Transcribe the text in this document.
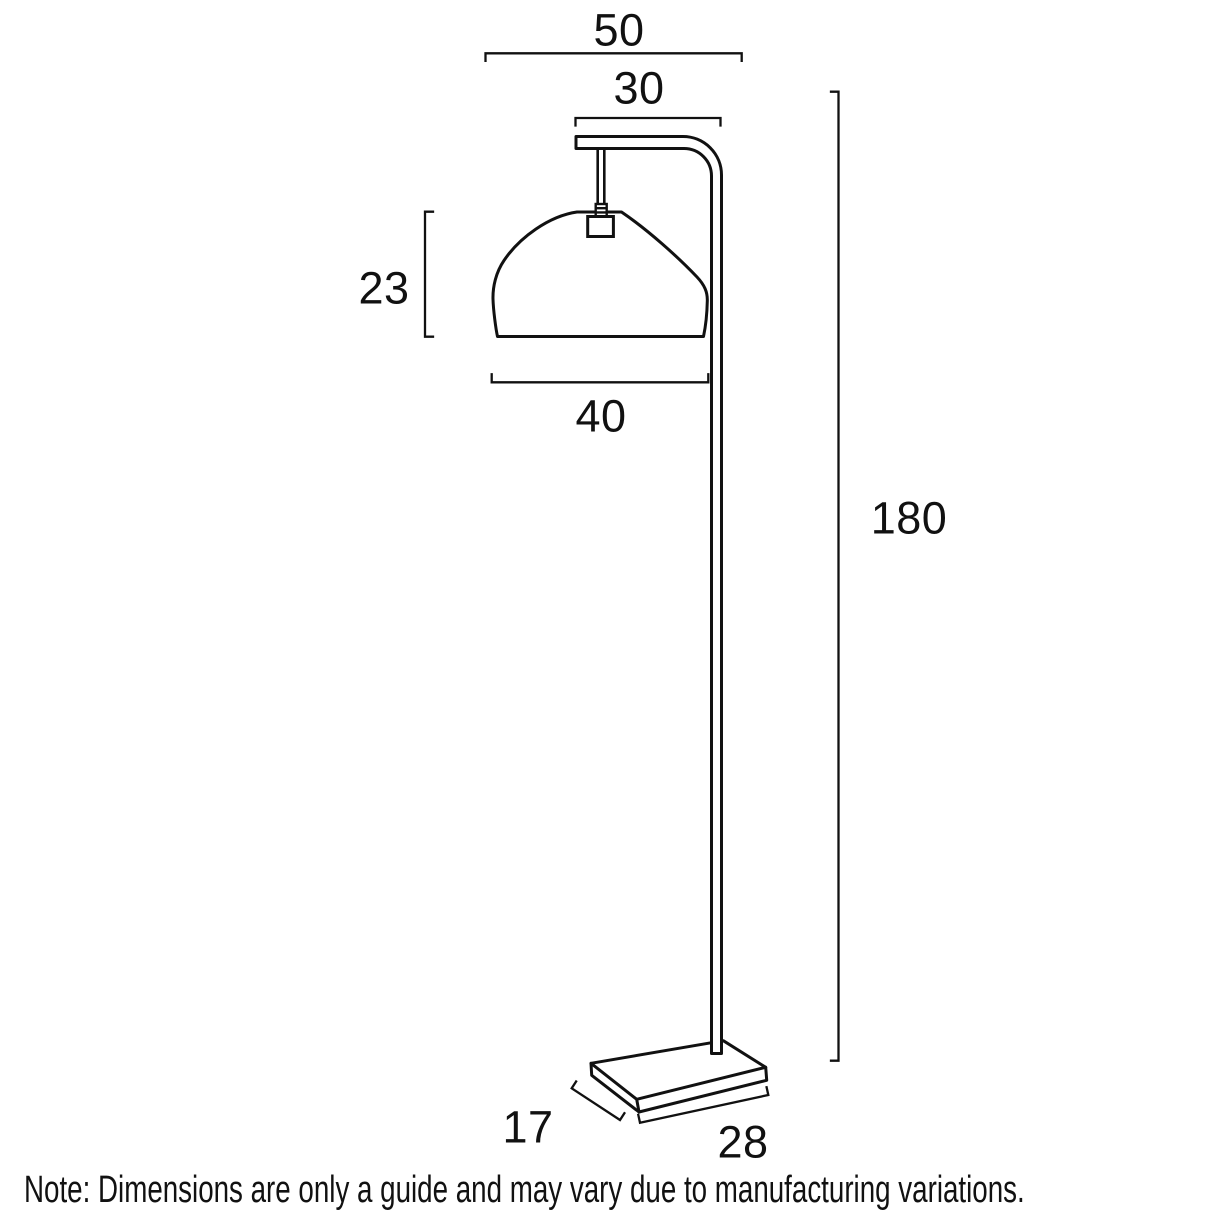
50
30
23
40
180
17	28
Note: Dimensions are only a guide and may vary due to manufacturing variations.
